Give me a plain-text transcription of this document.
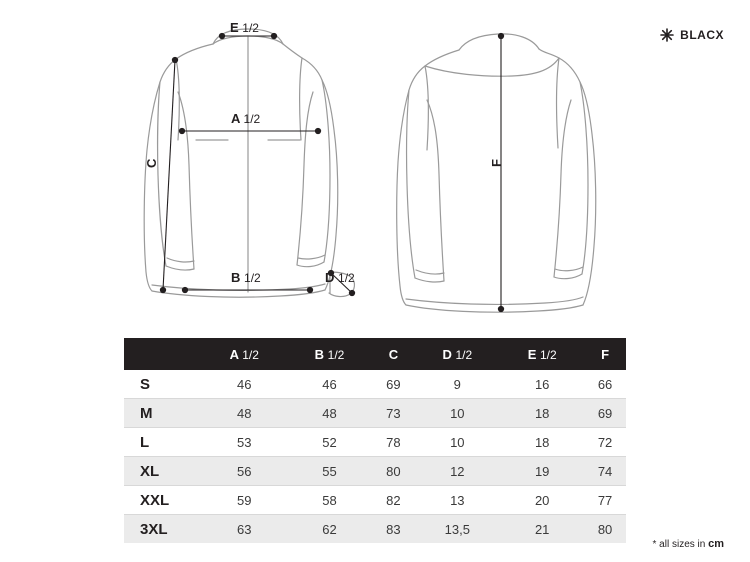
BLACX
E 1/2
A 1/2
B 1/2
C
D 1/2
F
	A 1/2	B 1/2	C	D 1/2	E 1/2	F
S	46	46	69	9	16	66
M	48	48	73	10	18	69
L	53	52	78	10	18	72
XL	56	55	80	12	19	74
XXL	59	58	82	13	20	77
3XL	63	62	83	13,5	21	80
* all sizes in cm
